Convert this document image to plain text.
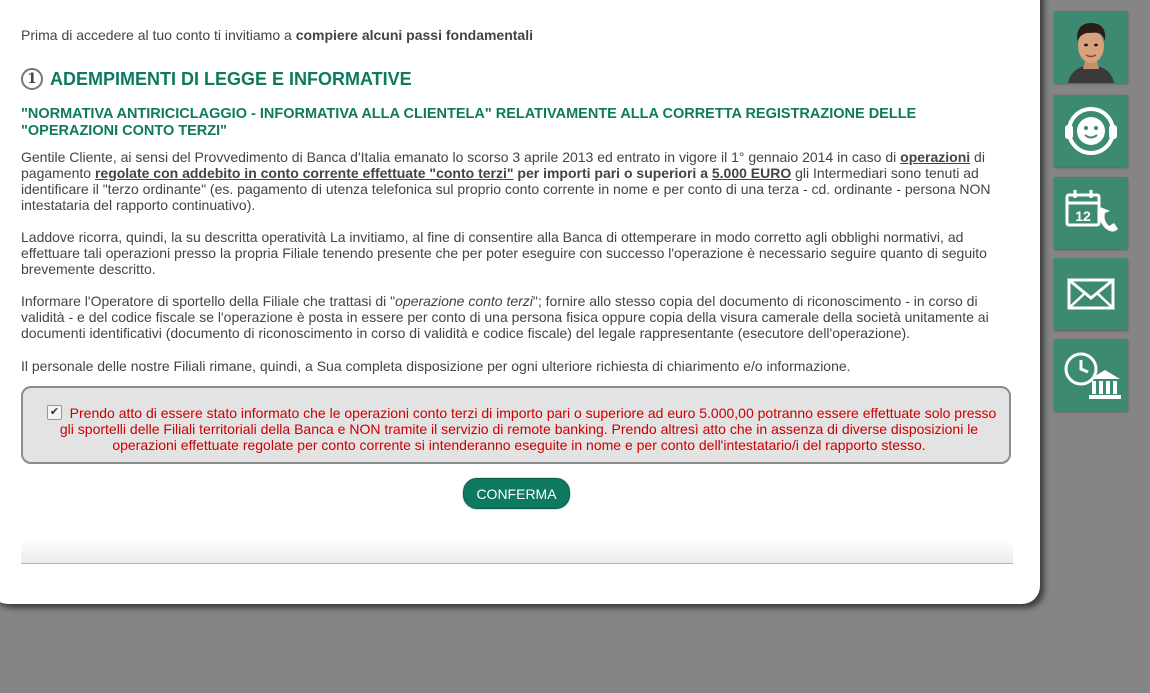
Prima di accedere al tuo conto ti invitiamo a compiere alcuni passi fondamentali

1 ADEMPIMENTI DI LEGGE E INFORMATIVE
"NORMATIVA ANTIRICICLAGGIO - INFORMATIVA ALLA CLIENTELA" RELATIVAMENTE ALLA CORRETTA REGISTRAZIONE DELLE "OPERAZIONI CONTO TERZI"

Gentile Cliente, ai sensi del Provvedimento di Banca d'Italia emanato lo scorso 3 aprile 2013 ed entrato in vigore il 1° gennaio 2014 in caso di operazioni di pagamento regolate con addebito in conto corrente effettuate "conto terzi" per importi pari o superiori a 5.000 EURO gli Intermediari sono tenuti ad identificare il "terzo ordinante" (es. pagamento di utenza telefonica sul proprio conto corrente in nome e per conto di una terza - cd. ordinante - persona NON intestataria del rapporto continuativo).

Laddove ricorra, quindi, la su descritta operatività La invitiamo, al fine di consentire alla Banca di ottemperare in modo corretto agli obblighi normativi, ad effettuare tali operazioni presso la propria Filiale tenendo presente che per poter eseguire con successo l'operazione è necessario seguire quanto di seguito brevemente descritto.

Informare l'Operatore di sportello della Filiale che trattasi di "operazione conto terzi"; fornire allo stesso copia del documento di riconoscimento - in corso di validità - e del codice fiscale se l'operazione è posta in essere per conto di una persona fisica oppure copia della visura camerale della società unitamente ai documenti identificativi (documento di riconoscimento in corso di validità e codice fiscale) del legale rappresentante (esecutore dell'operazione).

Il personale delle nostre Filiali rimane, quindi, a Sua completa disposizione per ogni ulteriore richiesta di chiarimento e/o informazione.

✔

   Prendo atto di essere stato informato che le operazioni conto terzi di importo pari o superiore ad euro 5.000,00 potranno essere effettuate solo presso gli sportelli delle Filiali territoriali della Banca e NON tramite il servizio di remote banking. Prendo altresì atto che in assenza di diverse disposizioni le operazioni effettuate regolate per conto corrente si intenderanno eseguite in nome e per conto dell'intestatario/i del rapporto stesso.

CONFERMA
12
